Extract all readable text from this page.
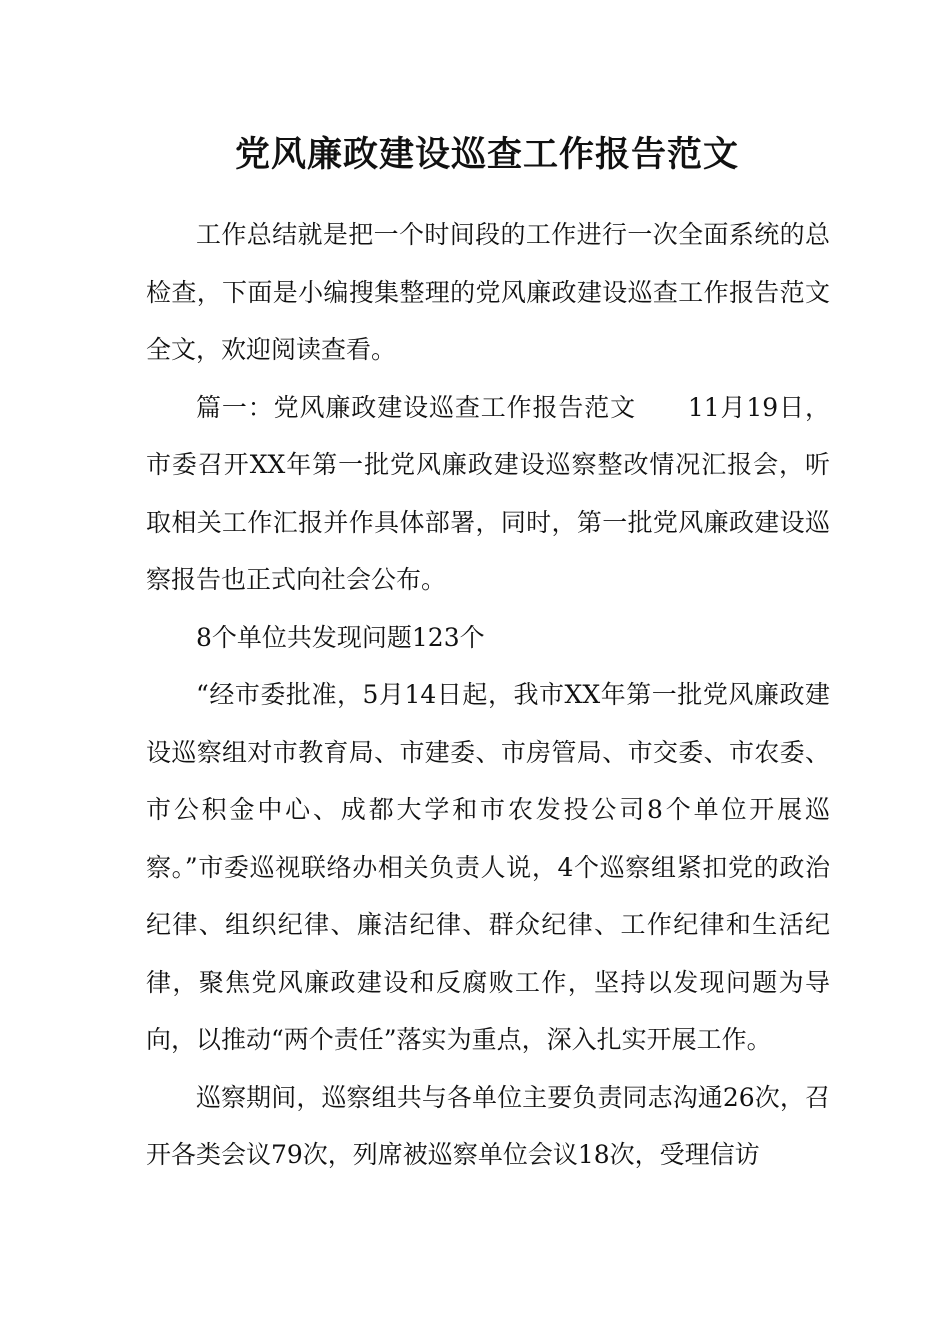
党风廉政建设巡查工作报告范文

工作总结就是把一个时间段的工作进行一次全面系统的总检查，下面是小编搜集整理的党风廉政建设巡查工作报告范文全文，欢迎阅读查看。

篇一：党风廉政建设巡查工作报告范文　　11月19日，市委召开XX年第一批党风廉政建设巡察整改情况汇报会，听取相关工作汇报并作具体部署，同时，第一批党风廉政建设巡察报告也正式向社会公布。

8个单位共发现问题123个

“经市委批准，5月14日起，我市XX年第一批党风廉政建设巡察组对市教育局、市建委、市房管局、市交委、市农委、市公积金中心、成都大学和市农发投公司8个单位开展巡察。”市委巡视联络办相关负责人说，4个巡察组紧扣党的政治纪律、组织纪律、廉洁纪律、群众纪律、工作纪律和生活纪律，聚焦党风廉政建设和反腐败工作，坚持以发现问题为导向，以推动“两个责任”落实为重点，深入扎实开展工作。

巡察期间，巡察组共与各单位主要负责同志沟通26次，召开各类会议79次，列席被巡察单位会议18次，受理信访
